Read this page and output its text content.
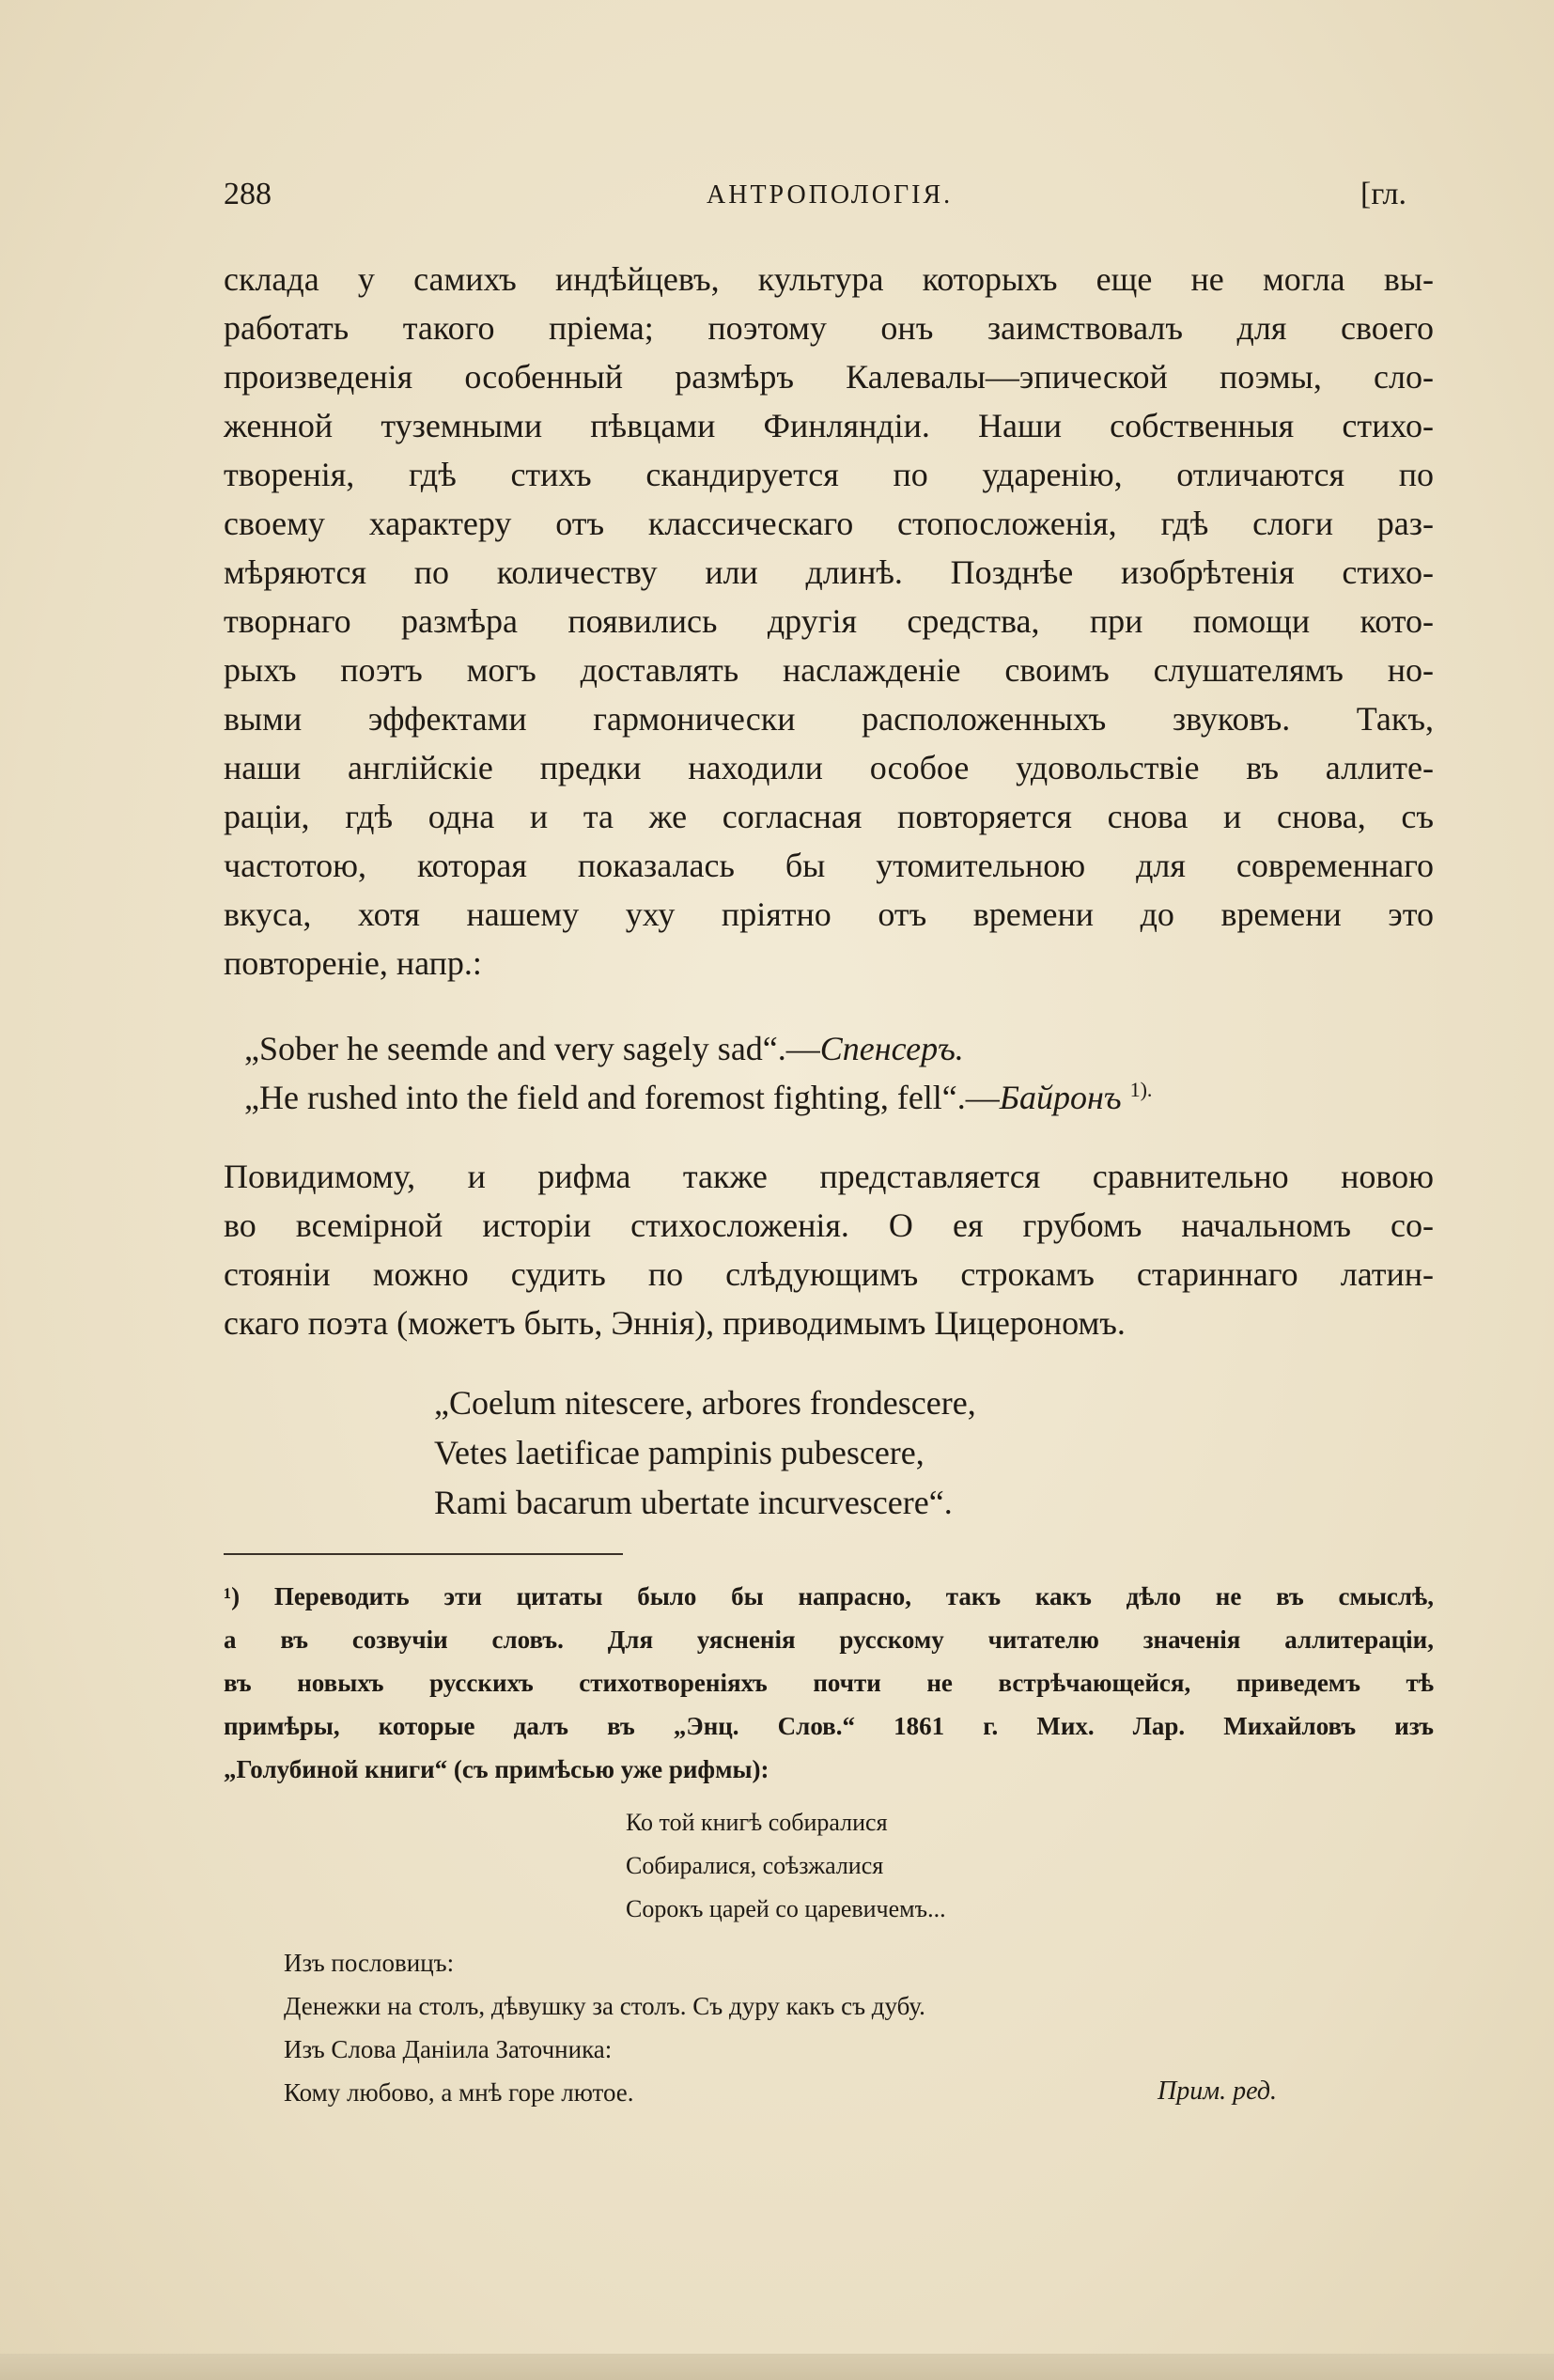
288	АНТРОПОЛОГІЯ.	[гл.
склада у самихъ индѣйцевъ, культура которыхъ еще не могла вы-
работать такого пріема; поэтому онъ заимствовалъ для своего
произведенія особенный размѣръ Калевалы—эпической поэмы, сло-
женной туземными пѣвцами Финляндіи. Наши собственныя стихо-
творенія, гдѣ стихъ скандируется по ударенію, отличаются по
своему характеру отъ классическаго стопосложенія, гдѣ слоги раз-
мѣряются по количеству или длинѣ. Позднѣе изобрѣтенія стихо-
творнаго размѣра появились другія средства, при помощи кото-
рыхъ поэтъ могъ доставлять наслажденіе своимъ слушателямъ но-
выми эффектами гармонически расположенныхъ звуковъ. Такъ,
наши англійскіе предки находили особое удовольствіе въ аллите-
раціи, гдѣ одна и та же согласная повторяется снова и снова, съ
частотою, которая показалась бы утомительною для современнаго
вкуса, хотя нашему уху пріятно отъ времени до времени это
повтореніе, напр.:
„Sober he seemde and very sagely sad“.—Спенсеръ.
„He rushed into the field and foremost fighting, fell“.—Байронъ $^{1).}$
Повидимому, и рифма также представляется сравнительно новою
во всемірной исторіи стихосложенія. О ея грубомъ начальномъ со-
стояніи можно судить по слѣдующимъ строкамъ стариннаго латин-
скаго поэта (можетъ быть, Эннія), приводимымъ Цицерономъ.
„Coelum nitescere, arbores frondescere,
Vetes laetificae pampinis pubescere,
Rami bacarum ubertate incurvescere“.
¹) Переводить эти цитаты было бы напрасно, такъ какъ дѣло не въ смыслѣ,
а въ созвучіи словъ. Для уясненія русскому читателю значенія аллитераціи,
въ новыхъ русскихъ стихотвореніяхъ почти не встрѣчающейся, приведемъ тѣ
примѣры, которые далъ въ „Энц. Слов.“ 1861 г. Мих. Лар. Михайловъ изъ
„Голубиной книги“ (съ примѣсью уже рифмы):
Ко той книгѣ собиралися
Собиралися, соѣзжалися
Сорокъ царей со царевичемъ...
Изъ пословицъ:
Денежки на столъ, дѣвушку за столъ. Съ дуру какъ съ дубу.
Изъ Слова Даніила Заточника:
Кому любово, а мнѣ горе лютое.	Прим. ред.
